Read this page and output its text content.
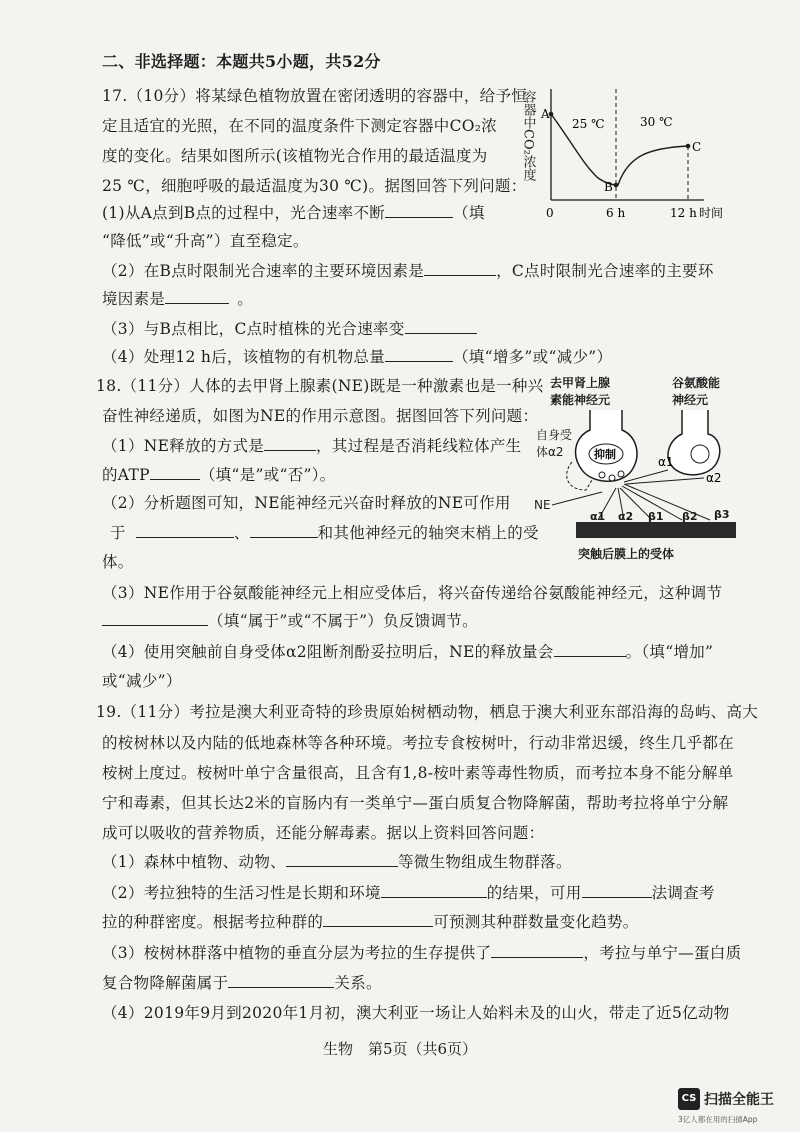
二、非选择题：本题共5小题，共52分
17.（10分）将某绿色植物放置在密闭透明的容器中，给予恒
定且适宜的光照，在不同的温度条件下测定容器中CO₂浓
度的变化。结果如图所示(该植物光合作用的最适温度为
25 ℃，细胞呼吸的最适温度为30 ℃)。据图回答下列问题：
(1)从A点到B点的过程中，光合速率不断	（填
“降低”或“升高”）直至稳定。
容器中CO₂浓度 A
B
C
25 ℃	30 ℃
0	6 h	12 h 时间
（2）在B点时限制光合速率的主要环境因素是	，C点时限制光合速率的主要环
境因素是	。
（3）与B点相比，C点时植株的光合速率变
（4）处理12 h后，该植物的有机物总量	（填“增多”或“减少”）
18.（11分）人体的去甲肾上腺素(NE)既是一种激素也是一种兴
奋性神经递质，如图为NE的作用示意图。据图回答下列问题：
（1）NE释放的方式是	，其过程是否消耗线粒体产生
的ATP	（填“是”或“否”）。
（2）分析题图可知，NE能神经元兴奋时释放的NE可作用
于	、	和其他神经元的轴突末梢上的受
体。
去甲肾上腺
素能神经元
谷氨酸能
神经元
自身受
体α2
NE
抑制
α1
α2
α1 α2 β1 β2 β3
突触后膜上的受体
（3）NE作用于谷氨酸能神经元上相应受体后，将兴奋传递给谷氨酸能神经元，这种调节
（填“属于”或“不属于”）负反馈调节。
（4）使用突触前自身受体α2阻断剂酚妥拉明后，NE的释放量会	。（填“增加”
或“减少”）
19.（11分）考拉是澳大利亚奇特的珍贵原始树栖动物，栖息于澳大利亚东部沿海的岛屿、高大
的桉树林以及内陆的低地森林等各种环境。考拉专食桉树叶，行动非常迟缓，终生几乎都在
桉树上度过。桉树叶单宁含量很高，且含有1,8-桉叶素等毒性物质，而考拉本身不能分解单
宁和毒素，但其长达2米的盲肠内有一类单宁—蛋白质复合物降解菌，帮助考拉将单宁分解
成可以吸收的营养物质，还能分解毒素。据以上资料回答问题：
（1）森林中植物、动物、	等微生物组成生物群落。
（2）考拉独特的生活习性是长期和环境	的结果，可用	法调查考
拉的种群密度。根据考拉种群的	可预测其种群数量变化趋势。
（3）桉树林群落中植物的垂直分层为考拉的生存提供了	，考拉与单宁—蛋白质
复合物降解菌属于	关系。
（4）2019年9月到2020年1月初，澳大利亚一场让人始料未及的山火，带走了近5亿动物
生物　第5页（共6页）
CS 扫描全能王
3亿人都在用的扫描App
